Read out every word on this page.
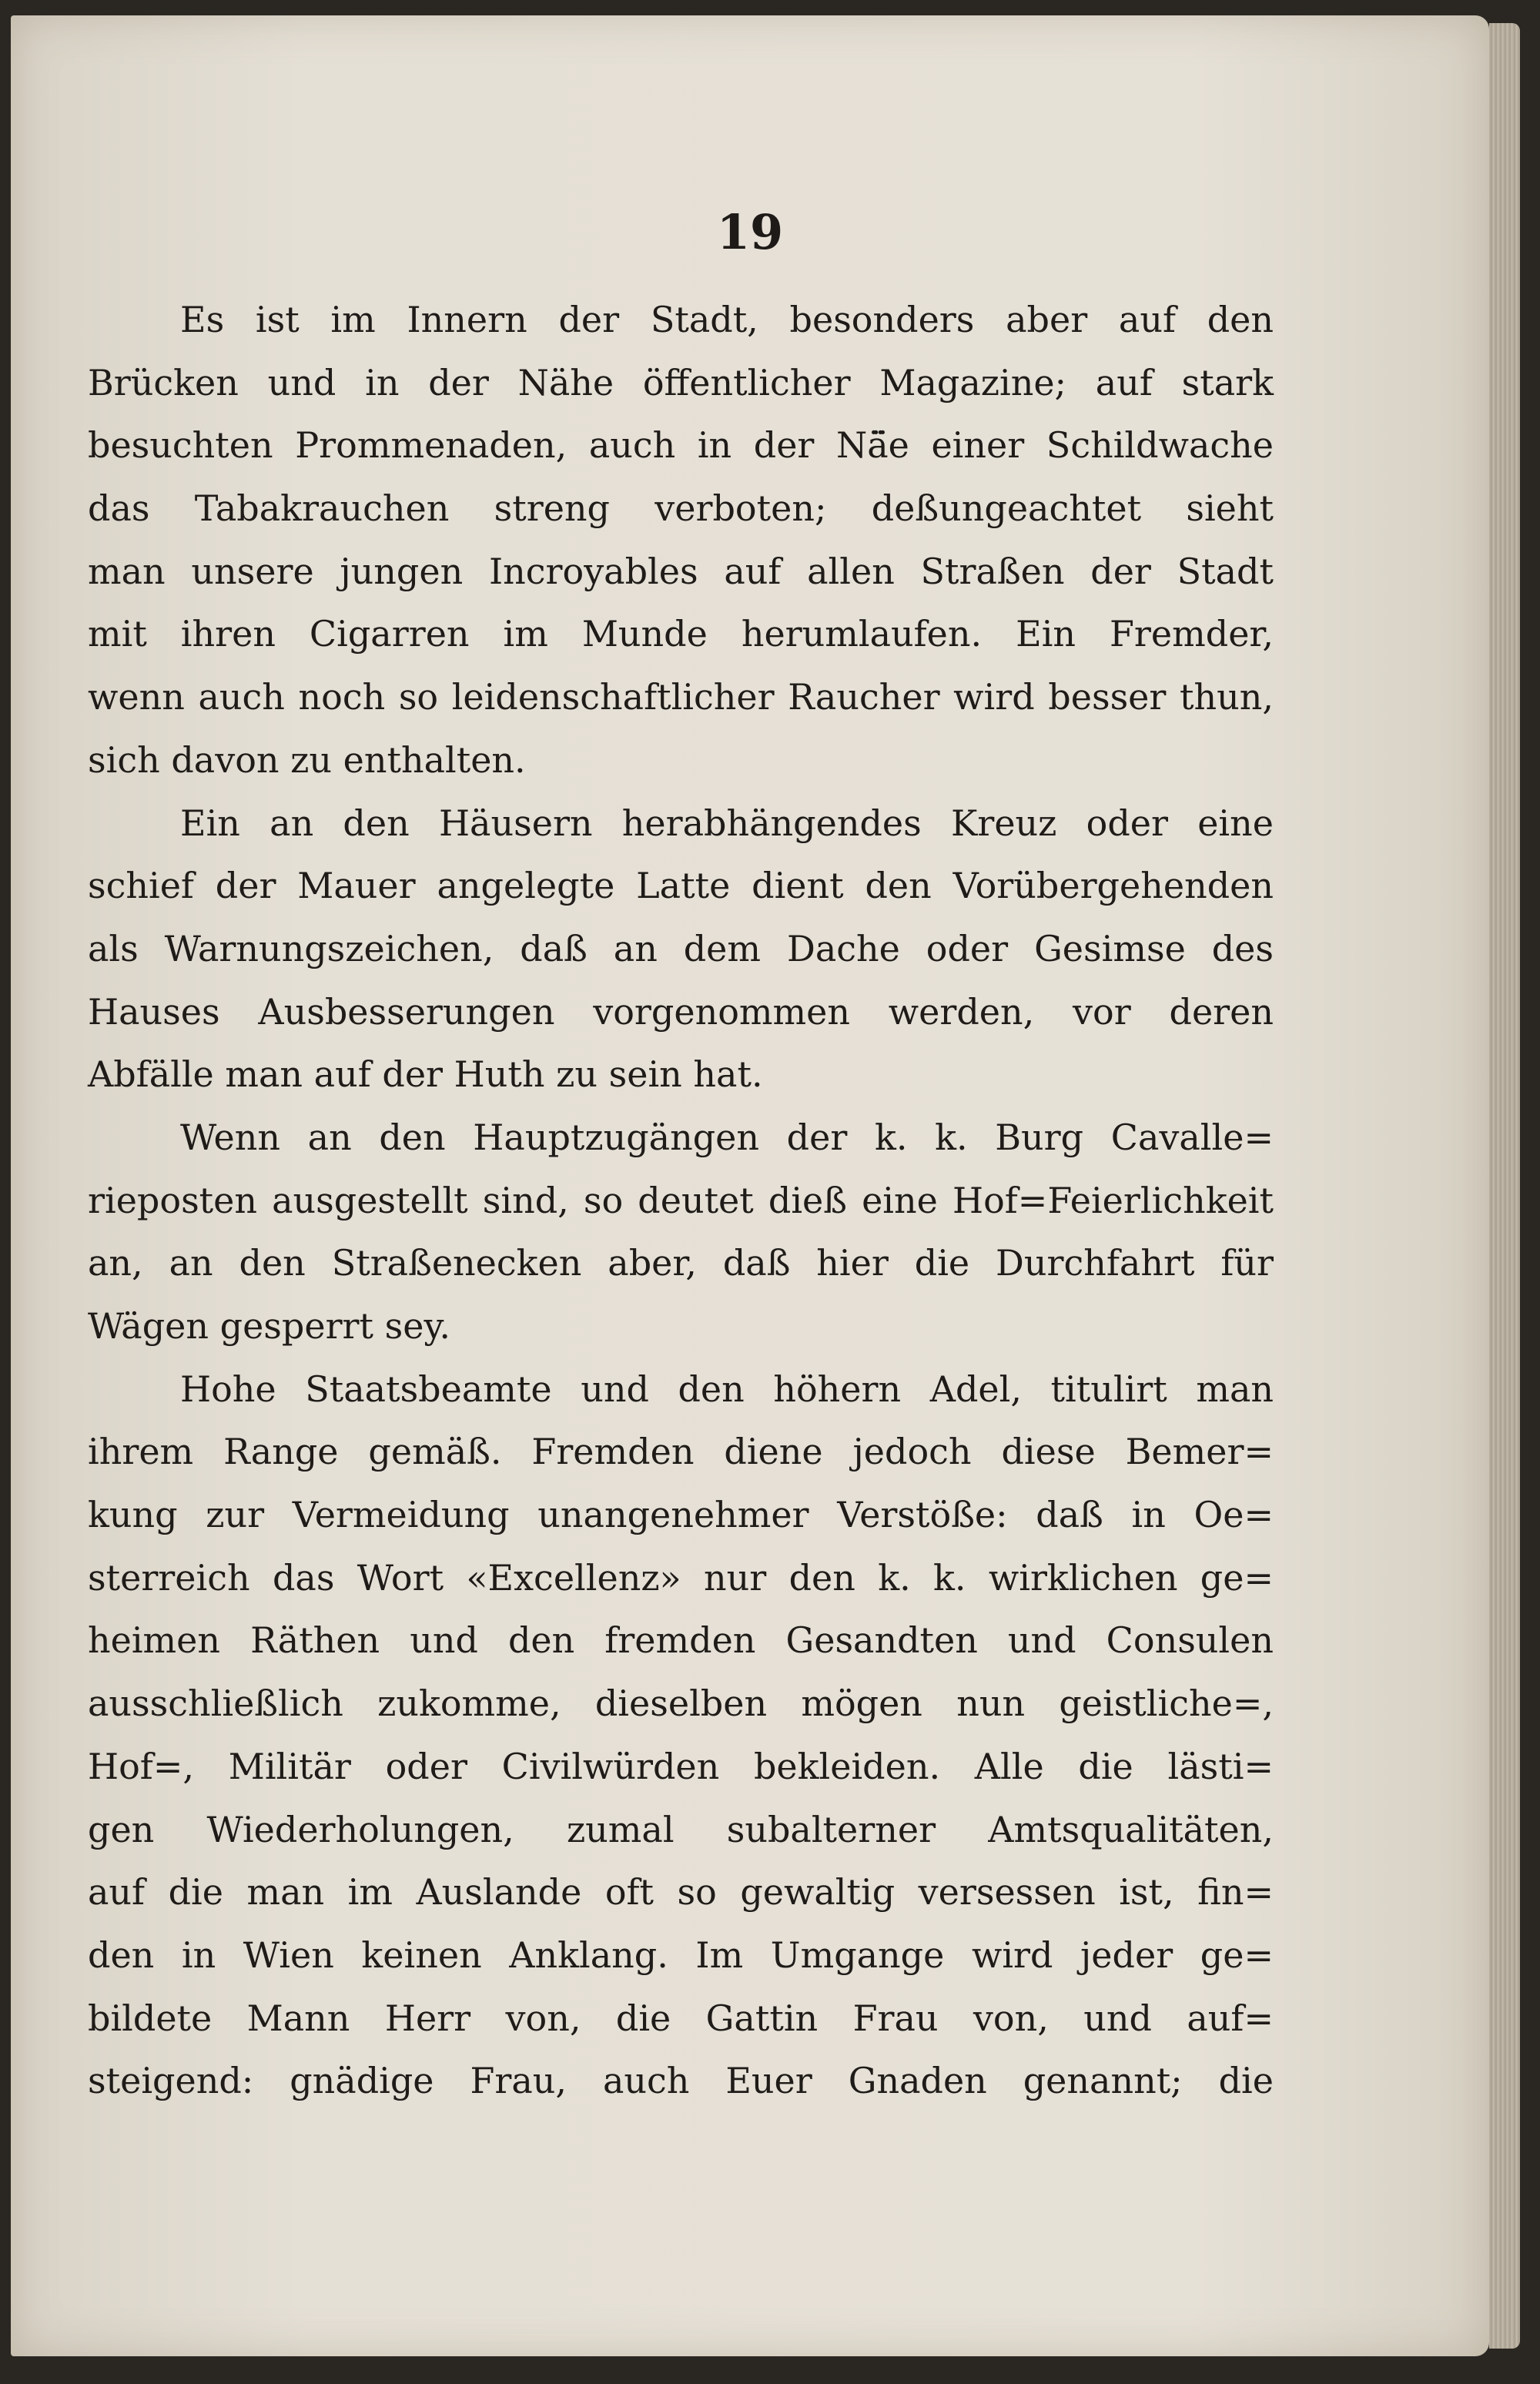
19
Es ist im Innern der Stadt, besonders aber auf den
Brücken und in der Nähe öffentlicher Magazine; auf stark
besuchten Prommenaden, auch in der Nä̈e einer Schildwache
das Tabakrauchen streng verboten; deßungeachtet sieht
man unsere jungen Incroyables auf allen Straßen der Stadt
mit ihren Cigarren im Munde herumlaufen. Ein Fremder,
wenn auch noch so leidenschaftlicher Raucher wird besser thun,
sich davon zu enthalten.
Ein an den Häusern herabhängendes Kreuz oder eine
schief der Mauer angelegte Latte dient den Vorübergehenden
als Warnungszeichen, daß an dem Dache oder Gesimse des
Hauses Ausbesserungen vorgenommen werden, vor deren
Abfälle man auf der Huth zu sein hat.
Wenn an den Hauptzugängen der k. k. Burg Cavalle=
rieposten ausgestellt sind, so deutet dieß eine Hof=Feierlichkeit
an, an den Straßenecken aber, daß hier die Durchfahrt für
Wägen gesperrt sey.
Hohe Staatsbeamte und den höhern Adel, titulirt man
ihrem Range gemäß. Fremden diene jedoch diese Bemer=
kung zur Vermeidung unangenehmer Verstöße: daß in Oe=
sterreich das Wort «Excellenz» nur den k. k. wirklichen ge=
heimen Räthen und den fremden Gesandten und Consulen
ausschließlich zukomme, dieselben mögen nun geistliche=,
Hof=, Militär oder Civilwürden bekleiden. Alle die lästi=
gen Wiederholungen, zumal subalterner Amtsqualitäten,
auf die man im Auslande oft so gewaltig versessen ist, fin=
den in Wien keinen Anklang. Im Umgange wird jeder ge=
bildete Mann Herr von, die Gattin Frau von, und auf=
steigend: gnädige Frau, auch Euer Gnaden genannt; die
